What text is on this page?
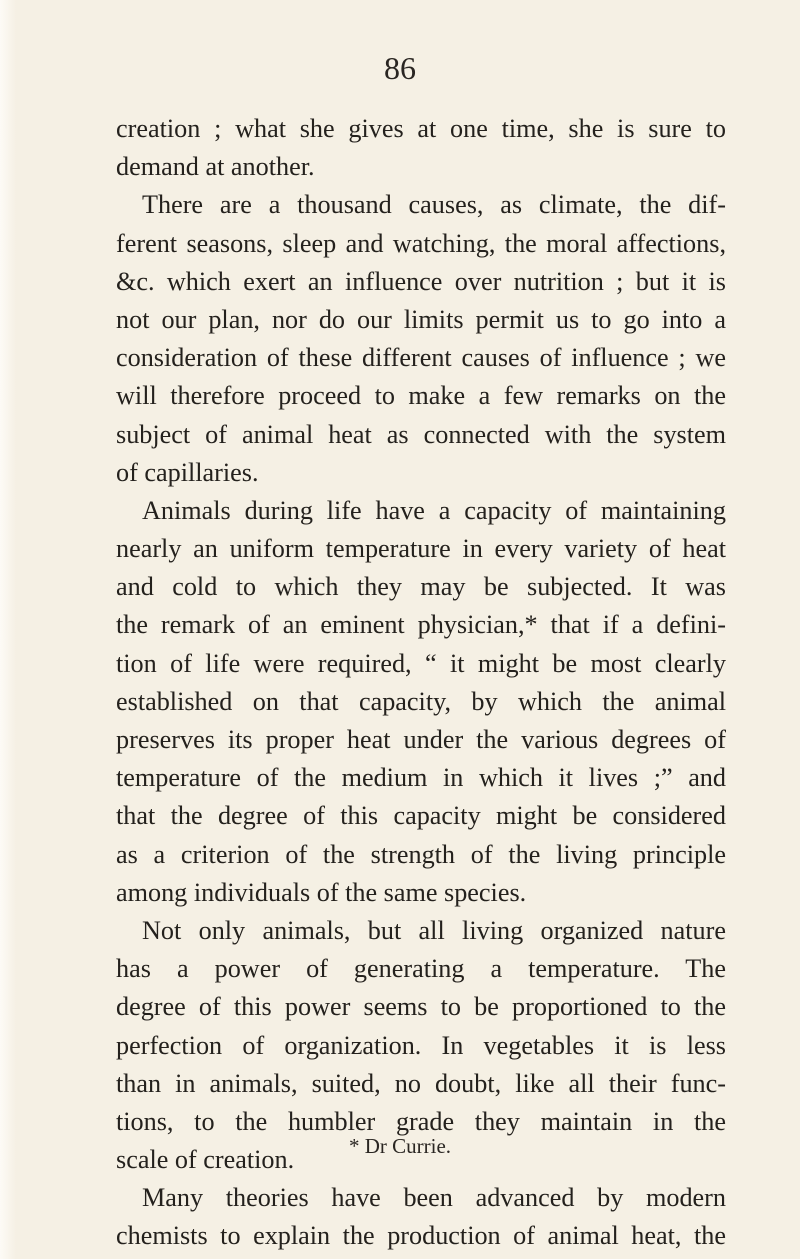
86
creation ; what she gives at one time, she is sure to
demand at another.
There are a thousand causes, as climate, the dif-
ferent seasons, sleep and watching, the moral affections,
&c. which exert an influence over nutrition ; but it is
not our plan, nor do our limits permit us to go into a
consideration of these different causes of influence ; we
will therefore proceed to make a few remarks on the
subject of animal heat as connected with the system
of capillaries.
Animals during life have a capacity of maintaining
nearly an uniform temperature in every variety of heat
and cold to which they may be subjected. It was
the remark of an eminent physician,* that if a defini-
tion of life were required, “ it might be most clearly
established on that capacity, by which the animal
preserves its proper heat under the various degrees of
temperature of the medium in which it lives ;” and
that the degree of this capacity might be considered
as a criterion of the strength of the living principle
among individuals of the same species.
Not only animals, but all living organized nature
has a power of generating a temperature. The
degree of this power seems to be proportioned to the
perfection of organization. In vegetables it is less
than in animals, suited, no doubt, like all their func-
tions, to the humbler grade they maintain in the
scale of creation.
Many theories have been advanced by modern
chemists to explain the production of animal heat, the
* Dr Currie.
